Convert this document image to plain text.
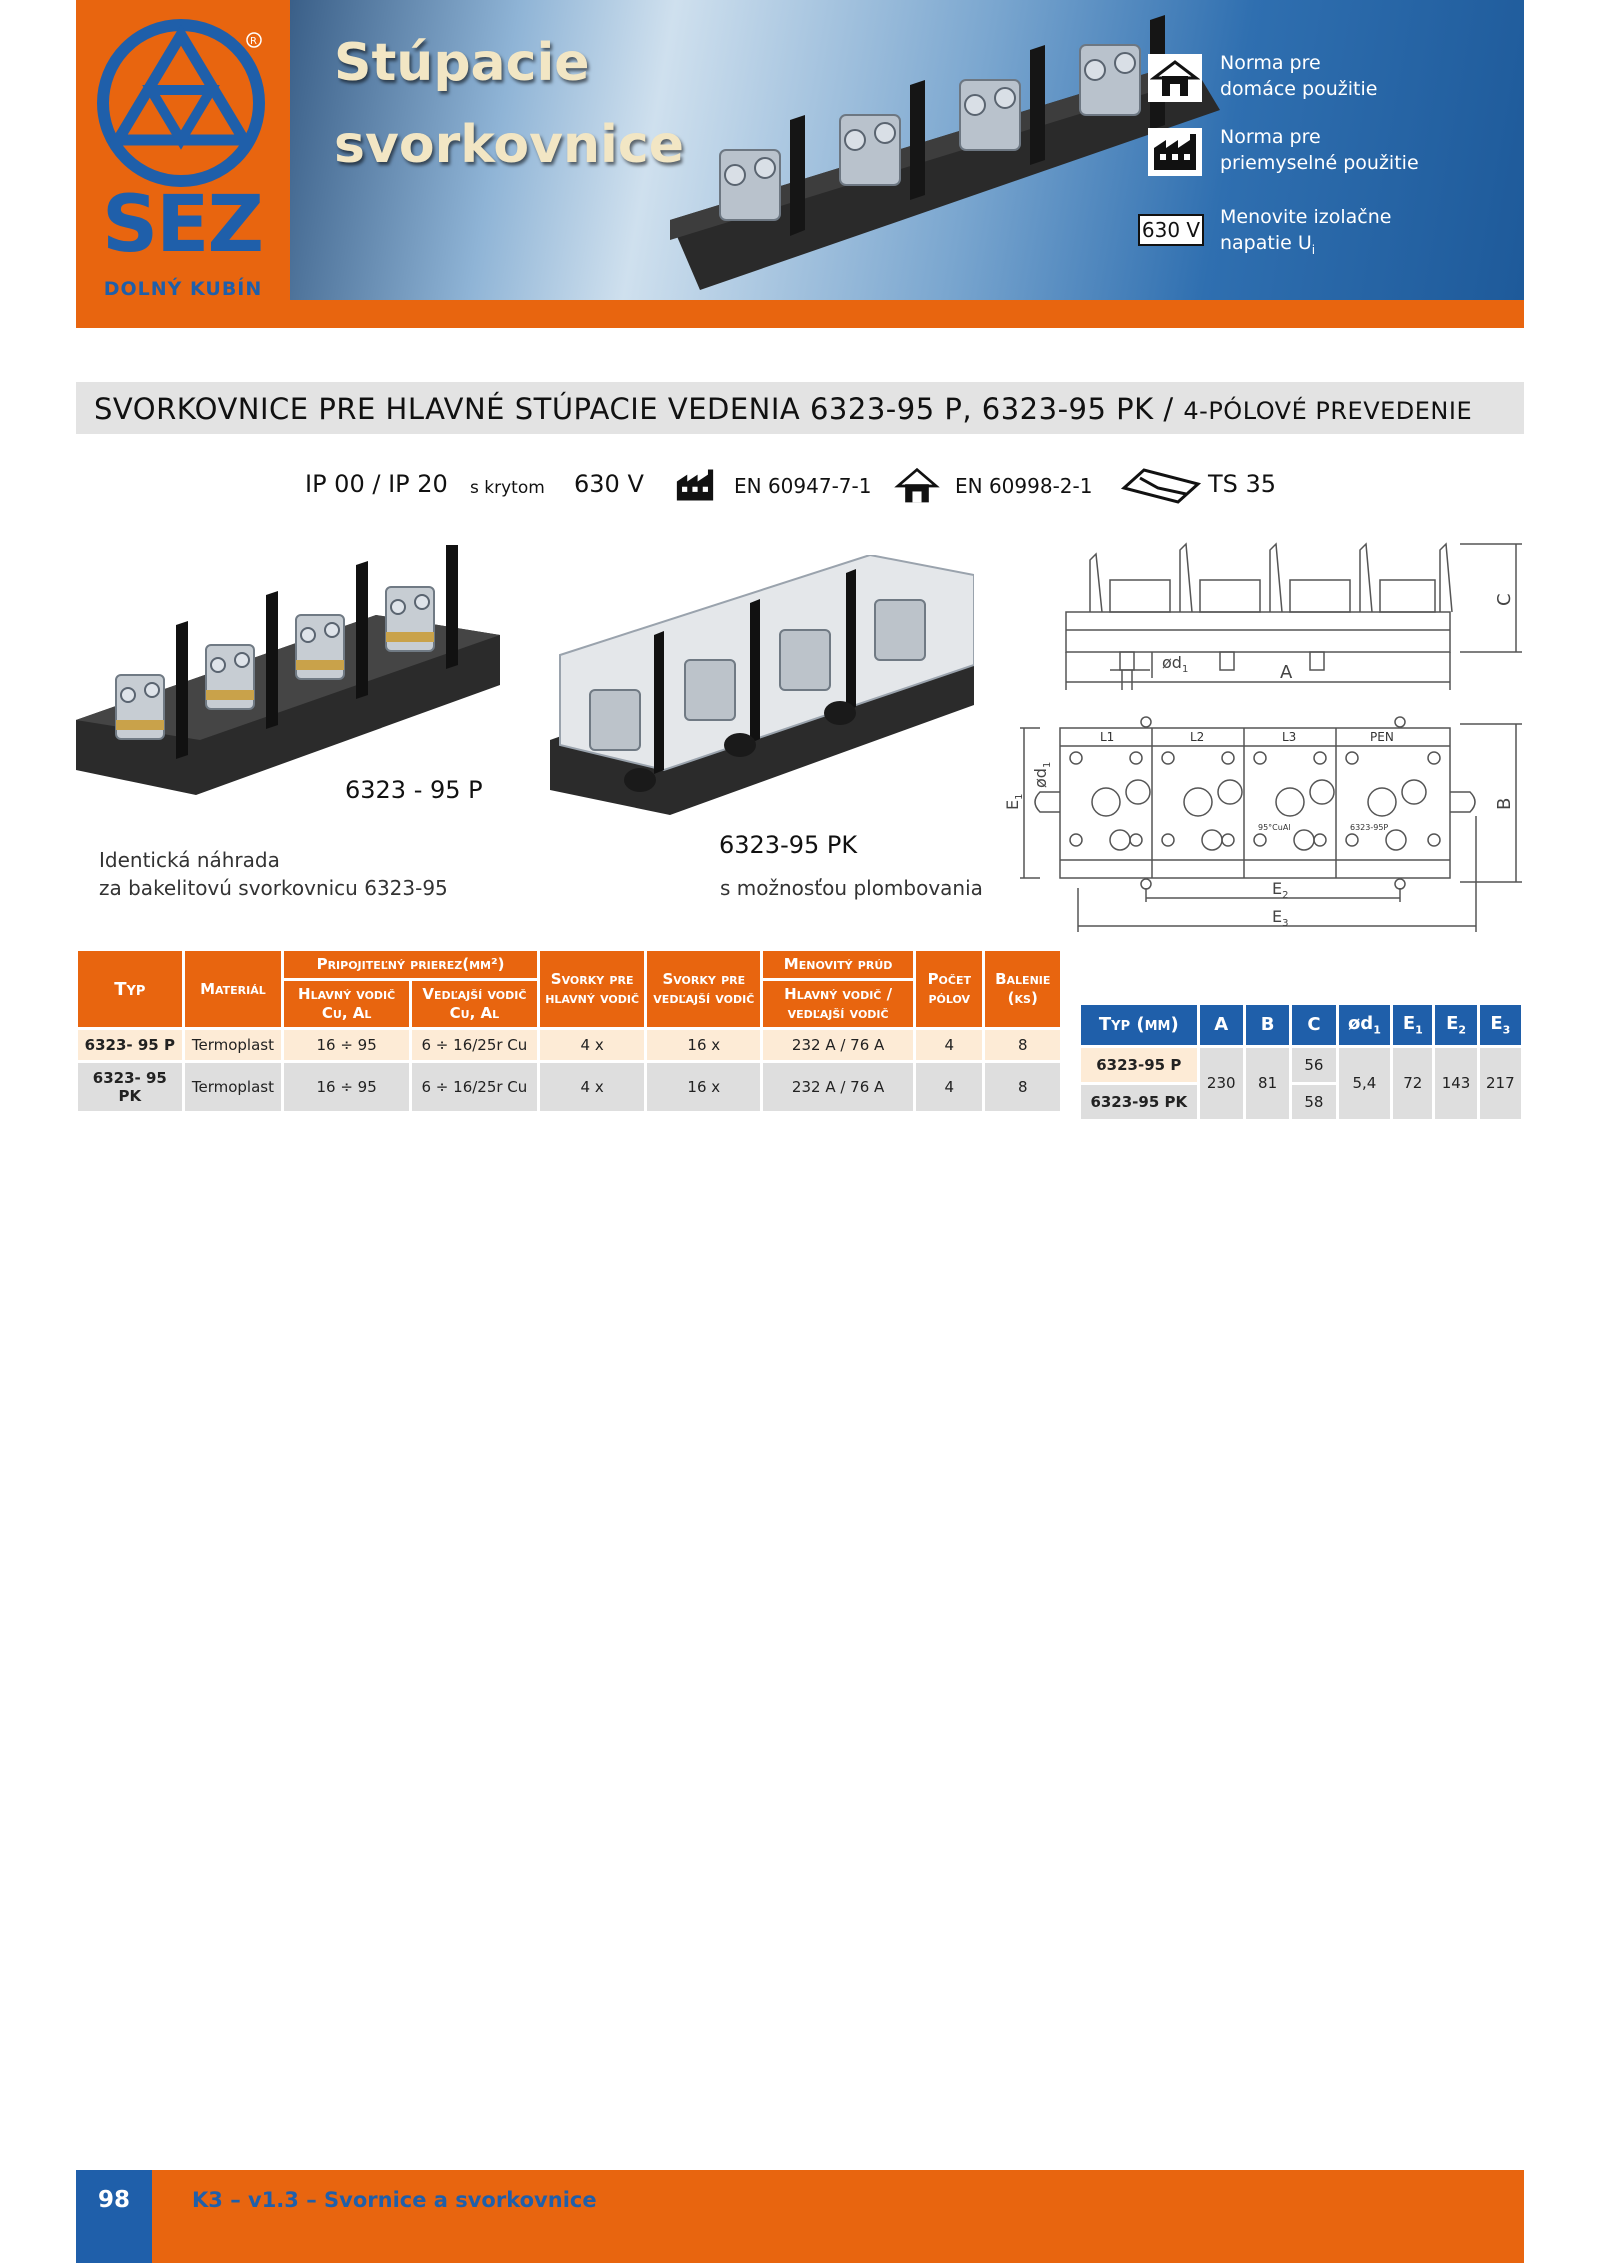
R
SEZ
DOLNÝ KUBÍN
Stúpacie
svorkovnice
Norma pre
domáce použitie
Norma pre
priemyselné použitie
630 V
Menovite izolačne
napatie $U_i$
SVORKOVNICE PRE HLAVNÉ STÚPACIE VEDENIA 6323-95 P, 6323-95 PK / 4-PÓLOVÉ PREVEDENIE
IP 00 / IP 20 s krytom 630 V	EN 60947-7-1	EN 60998-2-1	TS 35
6323 - 95 P
Identická náhrada
za bakelitovú svorkovnicu 6323-95
6323-95 PK
s možnosťou plombovania
A
C
B
$ød_1$
$ød_1$
$E_1$
$E_2$
$E_3$
L1	L2	L3	PEN
6323-95P
95°CuAl
Typ	Materiál	Pripojiteľný prierez(mm²)		Svorky pre hlavný vodič	Svorky pre vedľajší vodič	Menovitý prúd	Počet pólov	Balenie (ks)
		Hlavný vodič Cu, Al	Vedľajší vodič Cu, Al			Hlavný vodič / vedľajší vodič		
6323- 95 P	Termoplast	16 ÷ 95	6 ÷ 16/25r Cu	4 x	16 x	232 A / 76 A	4	8
6323- 95 PK	Termoplast	16 ÷ 95	6 ÷ 16/25r Cu	4 x	16 x	232 A / 76 A	4	8
Typ (mm)	A	B	C	$ød_1$	$E_1$	$E_2$	$E_3$
6323-95 P	230	81	56	5,4	72	143	217
6323-95 PK			58				
98	K3 – v1.3 – Svornice a svorkovnice
